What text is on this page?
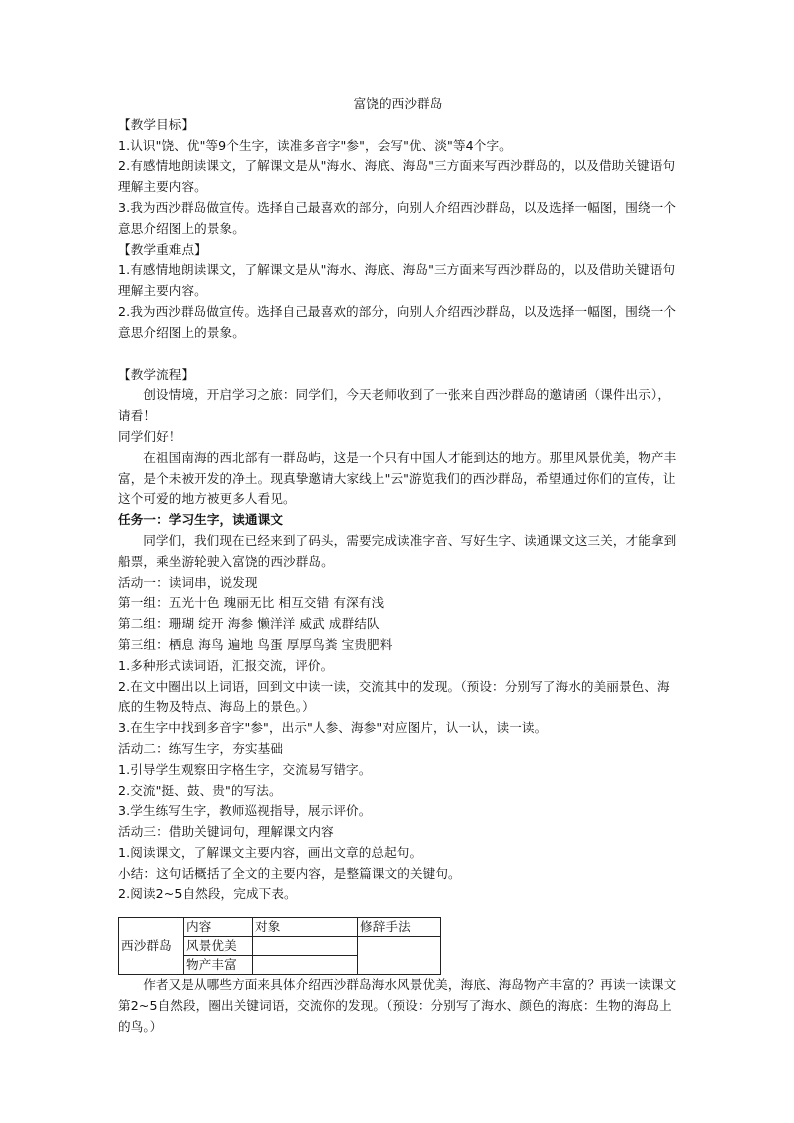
富饶的西沙群岛

【教学目标】

1.认识"饶、优"等9个生字，读准多音字"参"，会写"优、淡"等4个字。

2.有感情地朗读课文，了解课文是从"海水、海底、海岛"三方面来写西沙群岛的，以及借助关键语句理解主要内容。

3.我为西沙群岛做宣传。选择自己最喜欢的部分，向别人介绍西沙群岛，以及选择一幅图，围绕一个意思介绍图上的景象。

【教学重难点】

1.有感情地朗读课文，了解课文是从"海水、海底、海岛"三方面来写西沙群岛的，以及借助关键语句理解主要内容。

2.我为西沙群岛做宣传。选择自己最喜欢的部分，向别人介绍西沙群岛，以及选择一幅图，围绕一个意思介绍图上的景象。

【教学流程】

创设情境，开启学习之旅：同学们，今天老师收到了一张来自西沙群岛的邀请函（课件出示），请看！

同学们好！

在祖国南海的西北部有一群岛屿，这是一个只有中国人才能到达的地方。那里风景优美，物产丰富，是个未被开发的净土。现真挚邀请大家线上"云"游览我们的西沙群岛，希望通过你们的宣传，让这个可爱的地方被更多人看见。

任务一：学习生字，读通课文

同学们，我们现在已经来到了码头，需要完成读准字音、写好生字、读通课文这三关，才能拿到船票，乘坐游轮驶入富饶的西沙群岛。

活动一：读词串，说发现

第一组：五光十色 瑰丽无比 相互交错 有深有浅

第二组：珊瑚 绽开 海参 懒洋洋 威武 成群结队

第三组：栖息 海鸟 遍地 鸟蛋 厚厚鸟粪 宝贵肥料

1.多种形式读词语，汇报交流，评价。

2.在文中圈出以上词语，回到文中读一读，交流其中的发现。（预设：分别写了海水的美丽景色、海底的生物及特点、海岛上的景色。）

3.在生字中找到多音字"参"，出示"人参、海参"对应图片，认一认，读一读。

活动二：练写生字，夯实基础

1.引导学生观察田字格生字，交流易写错字。

2.交流"挺、鼓、贵"的写法。

3.学生练写生字，教师巡视指导，展示评价。

活动三：借助关键词句，理解课文内容

1.阅读课文，了解课文主要内容，画出文章的总起句。

小结：这句话概括了全文的主要内容，是整篇课文的关键句。

2.阅读2~5自然段，完成下表。

西沙群岛	内容	对象	修辞手法
	风景优美		
	物产丰富		

作者又是从哪些方面来具体介绍西沙群岛海水风景优美，海底、海岛物产丰富的？再读一读课文第2~5自然段，圈出关键词语，交流你的发现。（预设：分别写了海水、颜色的海底：生物的海岛上的鸟。）
